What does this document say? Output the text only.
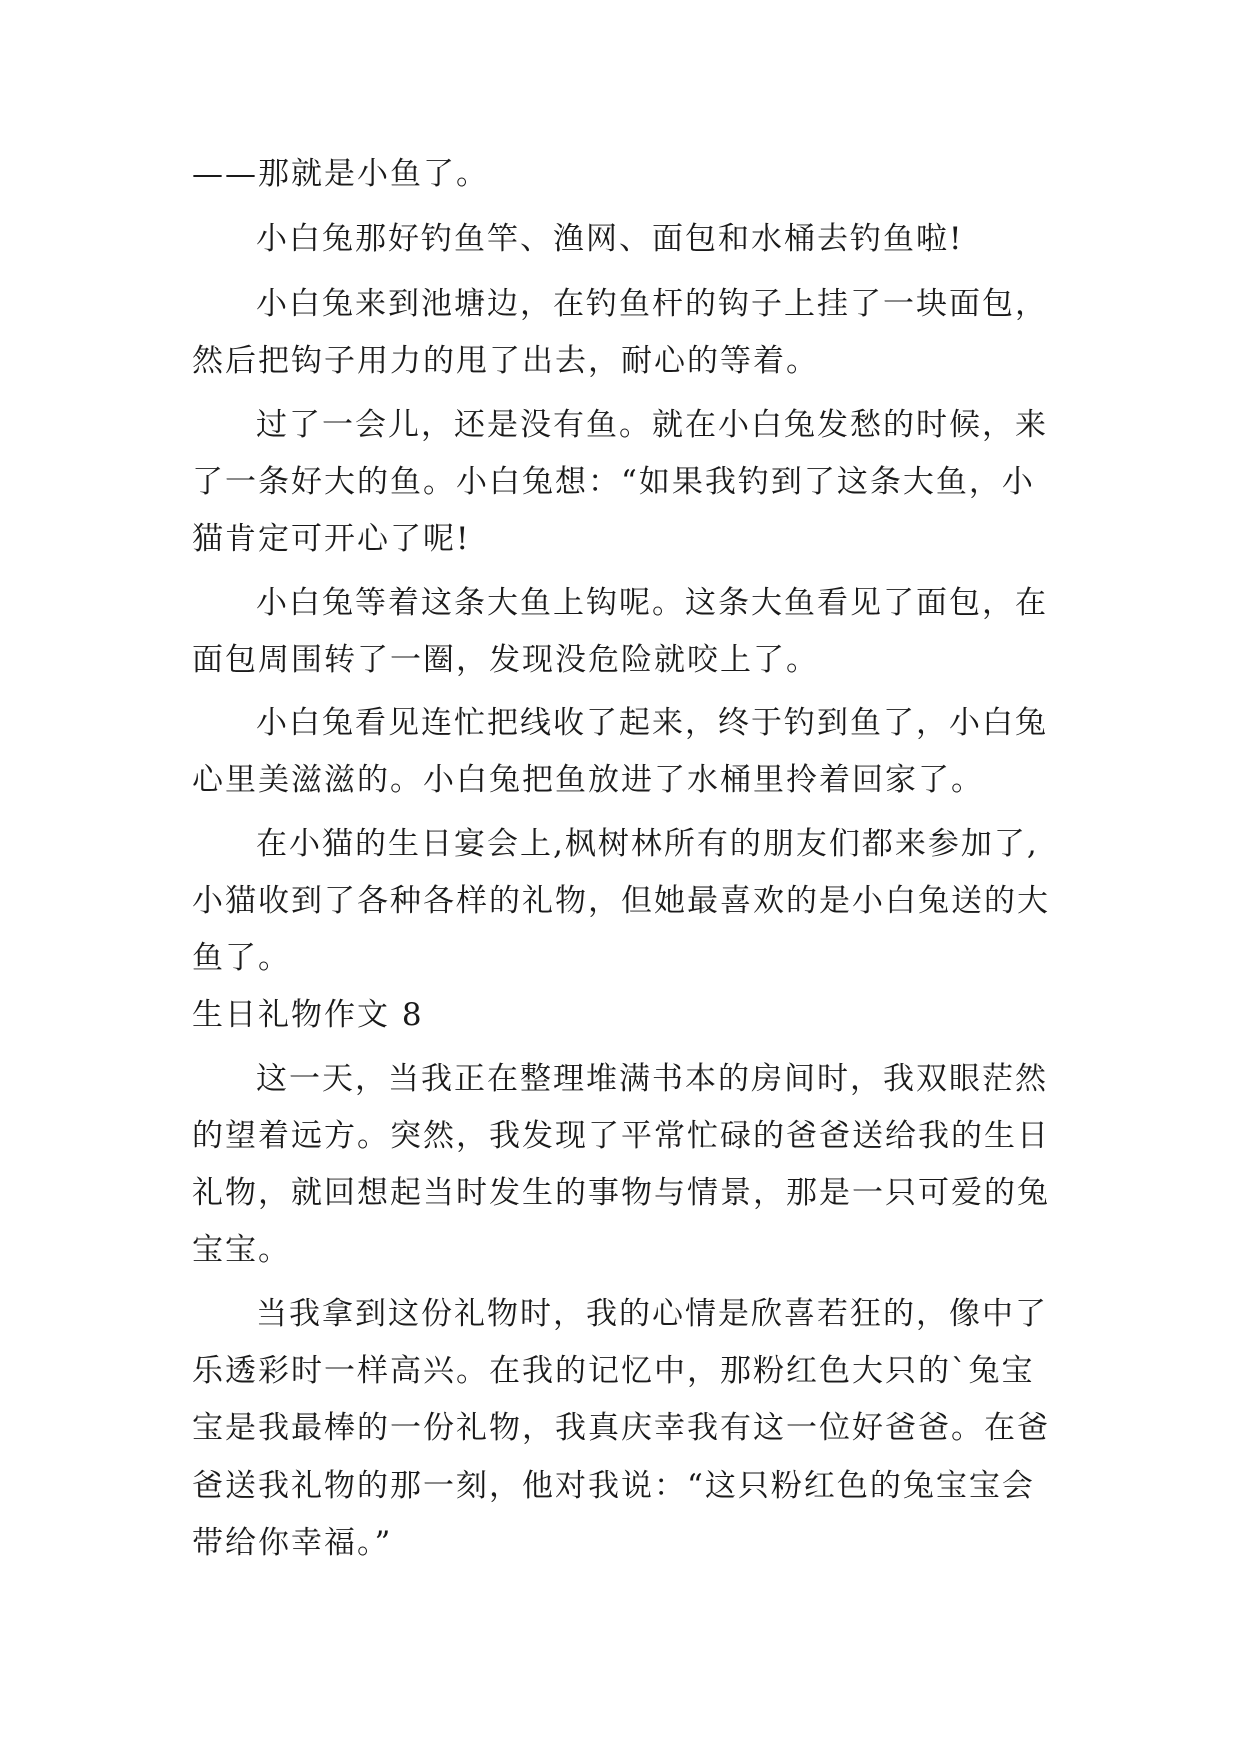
——那就是小鱼了。
小白兔那好钓鱼竿、渔网、面包和水桶去钓鱼啦!
小白兔来到池塘边，在钓鱼杆的钩子上挂了一块面包，
然后把钩子用力的甩了出去，耐心的等着。
过了一会儿，还是没有鱼。就在小白兔发愁的时候，来
了一条好大的鱼。小白兔想：“如果我钓到了这条大鱼，小
猫肯定可开心了呢!
小白兔等着这条大鱼上钩呢。这条大鱼看见了面包，在
面包周围转了一圈，发现没危险就咬上了。
小白兔看见连忙把线收了起来，终于钓到鱼了，小白兔
心里美滋滋的。小白兔把鱼放进了水桶里拎着回家了。
在小猫的生日宴会上,枫树林所有的朋友们都来参加了,
小猫收到了各种各样的礼物，但她最喜欢的是小白兔送的大
鱼了。
生日礼物作文 8
这一天，当我正在整理堆满书本的房间时，我双眼茫然
的望着远方。突然，我发现了平常忙碌的爸爸送给我的生日
礼物，就回想起当时发生的事物与情景，那是一只可爱的兔
宝宝。
当我拿到这份礼物时，我的心情是欣喜若狂的，像中了
乐透彩时一样高兴。在我的记忆中，那粉红色大只的`兔宝
宝是我最棒的一份礼物，我真庆幸我有这一位好爸爸。在爸
爸送我礼物的那一刻，他对我说：“这只粉红色的兔宝宝会
带给你幸福。”
